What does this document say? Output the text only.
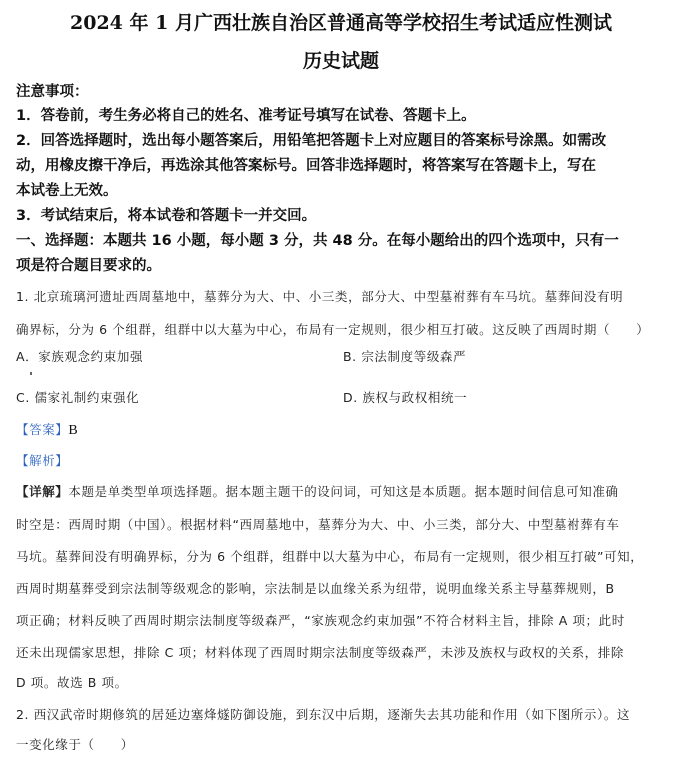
2024 年 1 月广西壮族自治区普通高等学校招生考试适应性测试
历史试题
注意事项：
1．答卷前，考生务必将自己的姓名、准考证号填写在试卷、答题卡上。
2．回答选择题时，选出每小题答案后，用铅笔把答题卡上对应题目的答案标号涂黑。如需改
动，用橡皮擦干净后，再选涂其他答案标号。回答非选择题时，将答案写在答题卡上，写在
本试卷上无效。
3．考试结束后，将本试卷和答题卡一并交回。
一、选择题：本题共 16 小题，每小题 3 分，共 48 分。在每小题给出的四个选项中，只有一
项是符合题目要求的。
1. 北京琉璃河遗址西周墓地中，墓葬分为大、中、小三类，部分大、中型墓祔葬有车马坑。墓葬间没有明
确界标，分为 6 个组群，组群中以大墓为中心，布局有一定规则，很少相互打破。这反映了西周时期（　　）
A．家族观念约束加强	B. 宗法制度等级森严
C. 儒家礼制约束强化	D. 族权与政权相统一
【答案】B
【解析】
【详解】本题是单类型单项选择题。据本题主题干的设问词，可知这是本质题。据本题时间信息可知准确
时空是：西周时期（中国）。根据材料“西周墓地中，墓葬分为大、中、小三类，部分大、中型墓祔葬有车
马坑。墓葬间没有明确界标，分为 6 个组群，组群中以大墓为中心，布局有一定规则，很少相互打破”可知，
西周时期墓葬受到宗法制等级观念的影响，宗法制是以血缘关系为纽带，说明血缘关系主导墓葬规则，B
项正确；材料反映了西周时期宗法制度等级森严，“家族观念约束加强”不符合材料主旨，排除 A 项；此时
还未出现儒家思想，排除 C 项；材料体现了西周时期宗法制度等级森严，未涉及族权与政权的关系，排除
D 项。故选 B 项。
2. 西汉武帝时期修筑的居延边塞烽燧防御设施，到东汉中后期，逐渐失去其功能和作用（如下图所示）。这
一变化缘于（　　）
